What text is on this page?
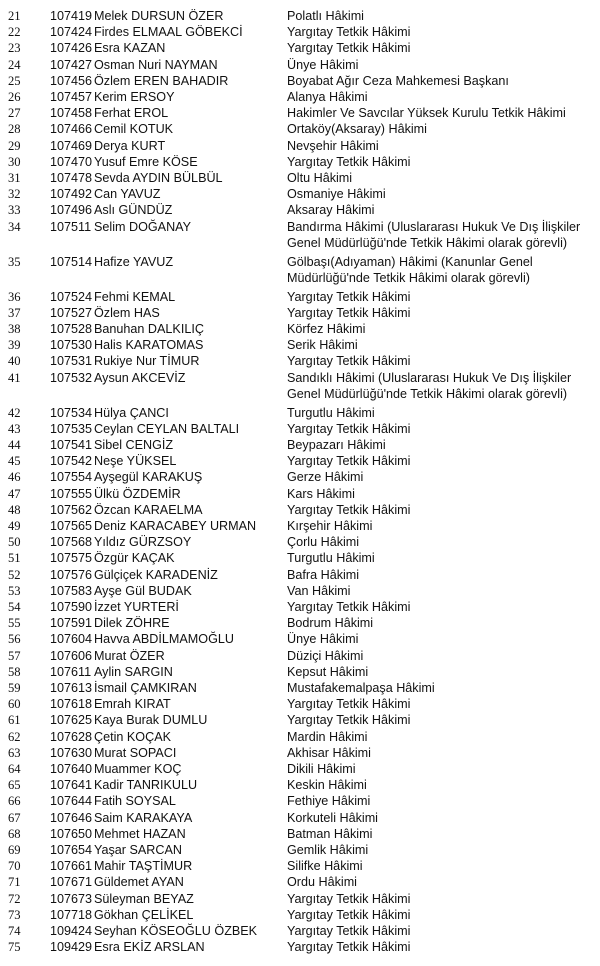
21	107419 Melek DURSUN ÖZER	Polatlı Hâkimi
22	107424 Firdes ELMAAL GÖBEKCİ	Yargıtay Tetkik Hâkimi
23	107426 Esra KAZAN	Yargıtay Tetkik Hâkimi
24	107427 Osman Nuri NAYMAN	Ünye Hâkimi
25	107456 Özlem EREN BAHADIR	Boyabat Ağır Ceza Mahkemesi Başkanı
26	107457 Kerim ERSOY	Alanya Hâkimi
27	107458 Ferhat EROL	Hakimler Ve Savcılar Yüksek Kurulu Tetkik Hâkimi
28	107466 Cemil KOTUK	Ortaköy(Aksaray) Hâkimi
29	107469 Derya KURT	Nevşehir Hâkimi
30	107470 Yusuf Emre KÖSE	Yargıtay Tetkik Hâkimi
31	107478 Sevda AYDIN BÜLBÜL	Oltu Hâkimi
32	107492 Can YAVUZ	Osmaniye Hâkimi
33	107496 Aslı GÜNDÜZ	Aksaray Hâkimi
34	107511 Selim DOĞANAY	Bandırma Hâkimi (Uluslararası Hukuk Ve Dış İlişkiler Genel Müdürlüğü'nde Tetkik Hâkimi olarak görevli)
35	107514 Hafize YAVUZ	Gölbaşı(Adıyaman) Hâkimi (Kanunlar Genel Müdürlüğü'nde Tetkik Hâkimi olarak görevli)
36	107524 Fehmi KEMAL	Yargıtay Tetkik Hâkimi
37	107527 Özlem HAS	Yargıtay Tetkik Hâkimi
38	107528 Banuhan DALKILIÇ	Körfez Hâkimi
39	107530 Halis KARATOMAS	Serik Hâkimi
40	107531 Rukiye Nur TİMUR	Yargıtay Tetkik Hâkimi
41	107532 Aysun AKCEVİZ	Sandıklı Hâkimi (Uluslararası Hukuk Ve Dış İlişkiler Genel Müdürlüğü'nde Tetkik Hâkimi olarak görevli)
42	107534 Hülya ÇANCI	Turgutlu Hâkimi
43	107535 Ceylan CEYLAN BALTALI	Yargıtay Tetkik Hâkimi
44	107541 Sibel CENGİZ	Beypazarı Hâkimi
45	107542 Neşe YÜKSEL	Yargıtay Tetkik Hâkimi
46	107554 Ayşegül KARAKUŞ	Gerze Hâkimi
47	107555 Ülkü ÖZDEMİR	Kars Hâkimi
48	107562 Özcan KARAELMA	Yargıtay Tetkik Hâkimi
49	107565 Deniz KARACABEY URMAN	Kırşehir Hâkimi
50	107568 Yıldız GÜRZSOY	Çorlu Hâkimi
51	107575 Özgür KAÇAK	Turgutlu Hâkimi
52	107576 Gülçiçek KARADENİZ	Bafra Hâkimi
53	107583 Ayşe Gül BUDAK	Van Hâkimi
54	107590 İzzet YURTERİ	Yargıtay Tetkik Hâkimi
55	107591 Dilek ZÖHRE	Bodrum Hâkimi
56	107604 Havva ABDİLMAMOĞLU	Ünye Hâkimi
57	107606 Murat ÖZER	Düziçi Hâkimi
58	107611 Aylin SARGIN	Kepsut Hâkimi
59	107613 İsmail ÇAMKIRAN	Mustafakemalpaşa Hâkimi
60	107618 Emrah KIRAT	Yargıtay Tetkik Hâkimi
61	107625 Kaya Burak DUMLU	Yargıtay Tetkik Hâkimi
62	107628 Çetin KOÇAK	Mardin Hâkimi
63	107630 Murat SOPACI	Akhisar Hâkimi
64	107640 Muammer KOÇ	Dikili Hâkimi
65	107641 Kadir TANRIKULU	Keskin Hâkimi
66	107644 Fatih SOYSAL	Fethiye Hâkimi
67	107646 Saim KARAKAYA	Korkuteli Hâkimi
68	107650 Mehmet HAZAN	Batman Hâkimi
69	107654 Yaşar SARCAN	Gemlik Hâkimi
70	107661 Mahir TAŞTİMUR	Silifke Hâkimi
71	107671 Güldemet AYAN	Ordu Hâkimi
72	107673 Süleyman BEYAZ	Yargıtay Tetkik Hâkimi
73	107718 Gökhan ÇELİKEL	Yargıtay Tetkik Hâkimi
74	109424 Seyhan KÖSEOĞLU ÖZBEK	Yargıtay Tetkik Hâkimi
75	109429 Esra EKİZ ARSLAN	Yargıtay Tetkik Hâkimi
